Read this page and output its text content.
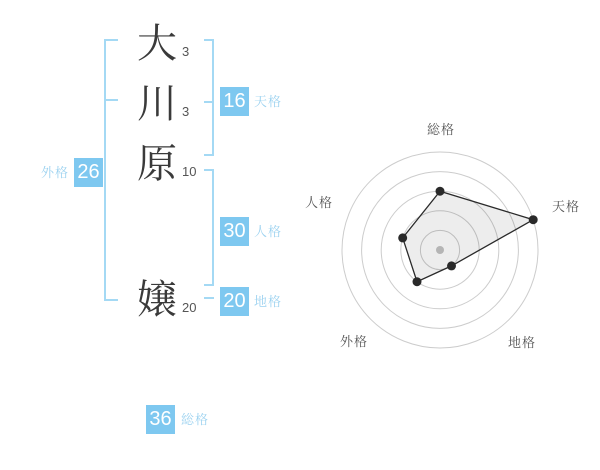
大 3
川 3
原 10
嬢 20
外格 26
16 天格
30 人格
20 地格
36 総格
総格
天格
地格
外格
人格
